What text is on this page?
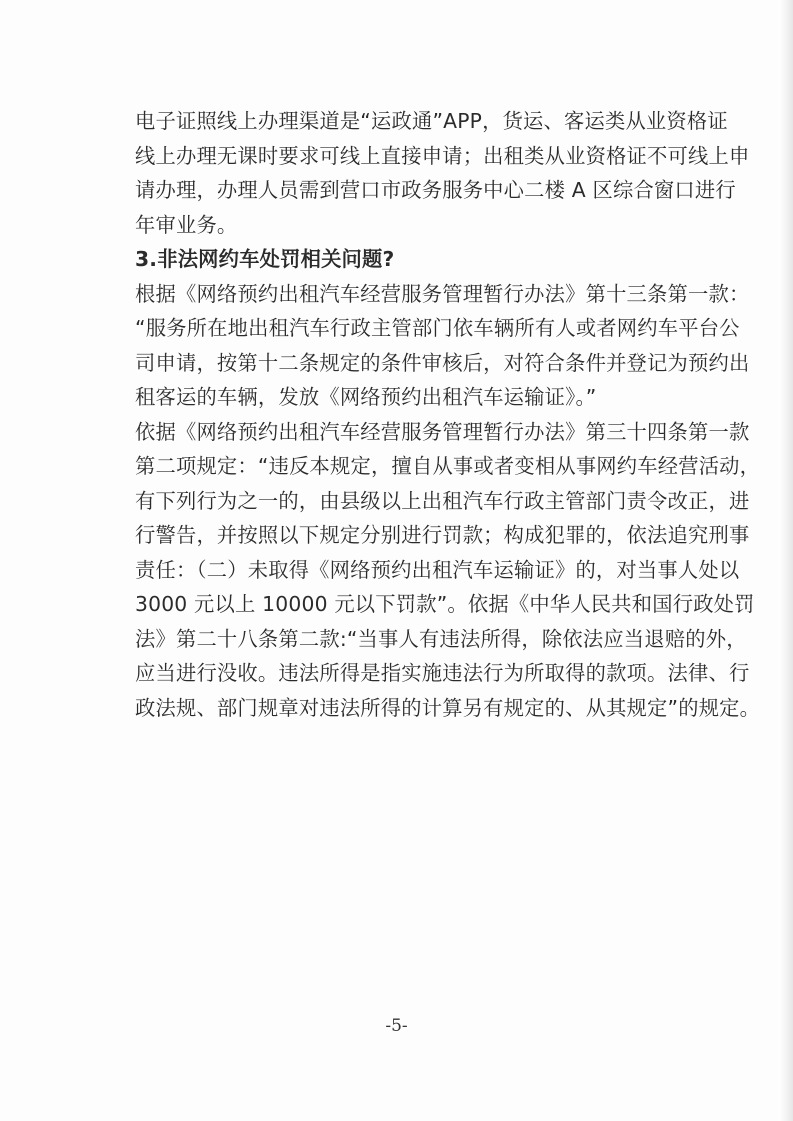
电子证照线上办理渠道是“运政通”APP，货运、客运类从业资格证
线上办理无课时要求可线上直接申请；出租类从业资格证不可线上申
请办理，办理人员需到营口市政务服务中心二楼 A 区综合窗口进行
年审业务。
3.非法网约车处罚相关问题?
根据《网络预约出租汽车经营服务管理暂行办法》第十三条第一款：
“服务所在地出租汽车行政主管部门依车辆所有人或者网约车平台公
司申请，按第十二条规定的条件审核后，对符合条件并登记为预约出
租客运的车辆，发放《网络预约出租汽车运输证》。”
依据《网络预约出租汽车经营服务管理暂行办法》第三十四条第一款
第二项规定：“违反本规定，擅自从事或者变相从事网约车经营活动，
有下列行为之一的，由县级以上出租汽车行政主管部门责令改正，进
行警告，并按照以下规定分别进行罚款；构成犯罪的，依法追究刑事
责任：（二）未取得《网络预约出租汽车运输证》的，对当事人处以
3000 元以上 10000 元以下罚款”。依据《中华人民共和国行政处罚
法》第二十八条第二款:“当事人有违法所得，除依法应当退赔的外，
应当进行没收。违法所得是指实施违法行为所取得的款项。法律、行
政法规、部门规章对违法所得的计算另有规定的、从其规定”的规定。
-5-
